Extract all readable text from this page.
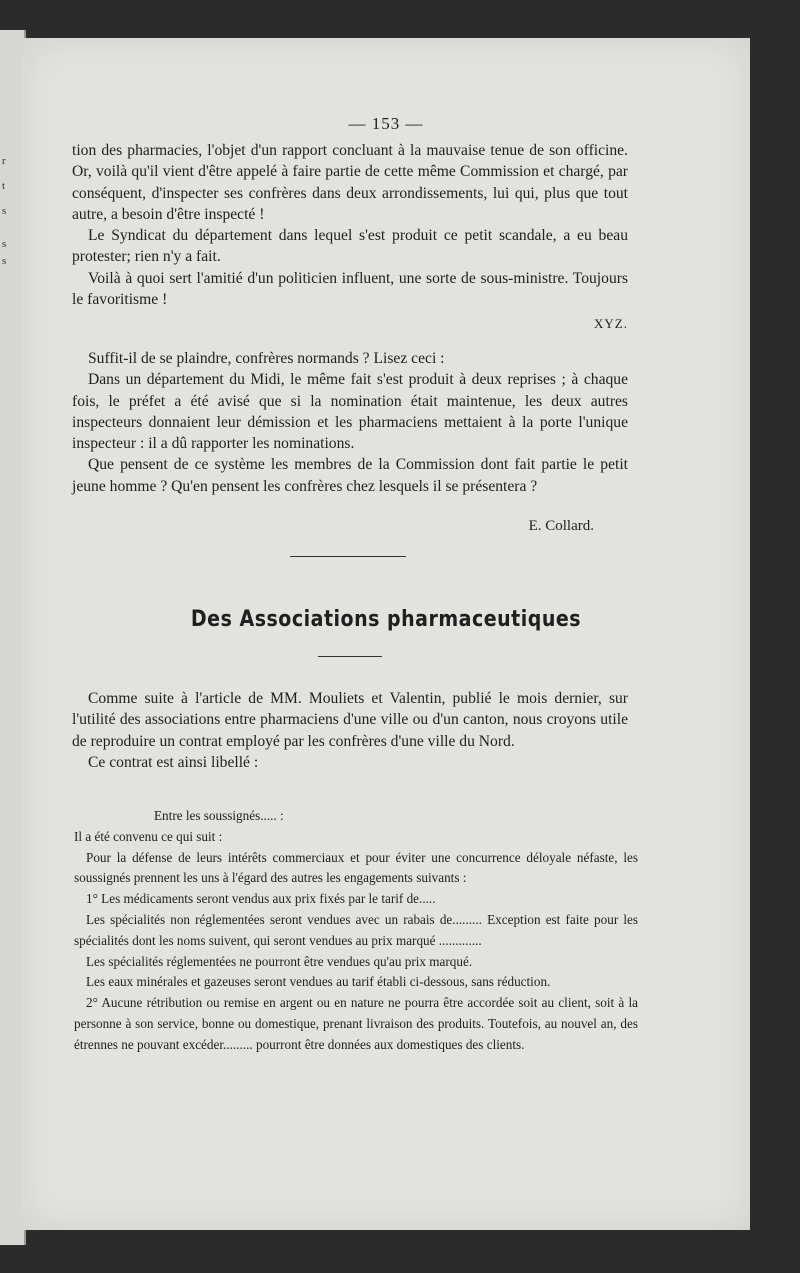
r
t
s
s
s
— 153 —

tion des pharmacies, l'objet d'un rapport concluant à la mauvaise tenue de son officine. Or, voilà qu'il vient d'être appelé à faire partie de cette même Commission et chargé, par conséquent, d'inspecter ses confrères dans deux arrondissements, lui qui, plus que tout autre, a besoin d'être inspecté !

Le Syndicat du département dans lequel s'est produit ce petit scandale, a eu beau protester; rien n'y a fait.

Voilà à quoi sert l'amitié d'un politicien influent, une sorte de sous-ministre. Toujours le favoritisme !

XYZ.

Suffit-il de se plaindre, confrères normands ? Lisez ceci :

Dans un département du Midi, le même fait s'est produit à deux reprises ; à chaque fois, le préfet a été avisé que si la nomination était maintenue, les deux autres inspecteurs donnaient leur démission et les pharmaciens mettaient à la porte l'unique inspecteur : il a dû rapporter les nominations.

Que pensent de ce système les membres de la Commission dont fait partie le petit jeune homme ? Qu'en pensent les confrères chez lesquels il se présentera ?

E. Collard.

Des Associations pharmaceutiques

Comme suite à l'article de MM. Mouliets et Valentin, publié le mois dernier, sur l'utilité des associations entre pharmaciens d'une ville ou d'un canton, nous croyons utile de reproduire un contrat employé par les confrères d'une ville du Nord.

Ce contrat est ainsi libellé :

Entre les soussignés..... :

Il a été convenu ce qui suit :

Pour la défense de leurs intérêts commerciaux et pour éviter une concurrence déloyale néfaste, les soussignés prennent les uns à l'égard des autres les engagements suivants :

1° Les médicaments seront vendus aux prix fixés par le tarif de.....

Les spécialités non réglementées seront vendues avec un rabais de......... Exception est faite pour les spécialités dont les noms suivent, qui seront vendues au prix marqué .............

Les spécialités réglementées ne pourront être vendues qu'au prix marqué.

Les eaux minérales et gazeuses seront vendues au tarif établi ci-dessous, sans réduction.

2° Aucune rétribution ou remise en argent ou en nature ne pourra être accordée soit au client, soit à la personne à son service, bonne ou domestique, prenant livraison des produits. Toutefois, au nouvel an, des étrennes ne pouvant excéder......... pourront être données aux domestiques des clients.
